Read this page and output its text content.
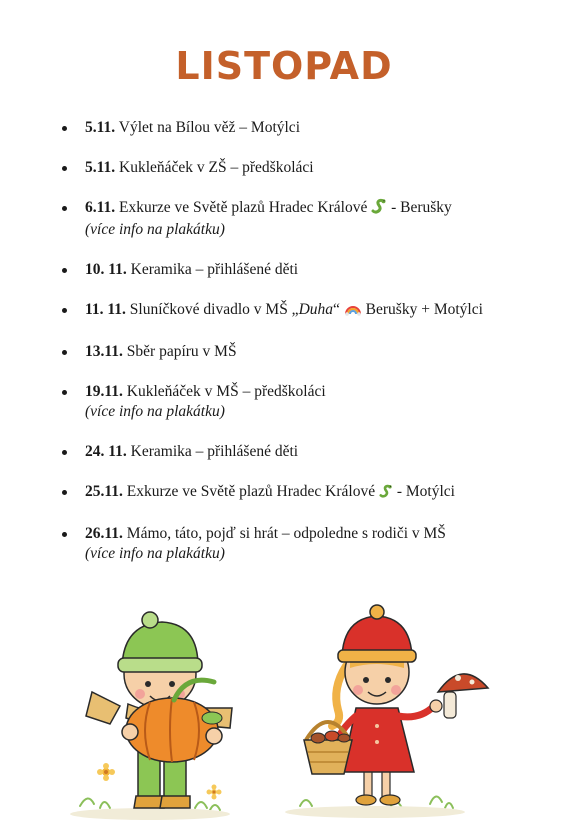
LISTOPAD
5.11. Výlet na Bílou věž – Motýlci
5.11. Kukleňáček v ZŠ – předškoláci
6.11. Exkurze ve Světě plazů Hradec Králové - Berušky
(více info na plakátku)
10. 11. Keramika – přihlášené děti
11. 11. Sluníčkové divadlo v MŠ „Duha“ Berušky + Motýlci
13.11. Sběr papíru v MŠ
19.11. Kukleňáček v MŠ – předškoláci
(více info na plakátku)
24. 11. Keramika – přihlášené děti
25.11. Exkurze ve Světě plazů Hradec Králové - Motýlci
26.11. Mámo, táto, pojď si hrát – odpoledne s rodiči v MŠ
(více info na plakátku)
